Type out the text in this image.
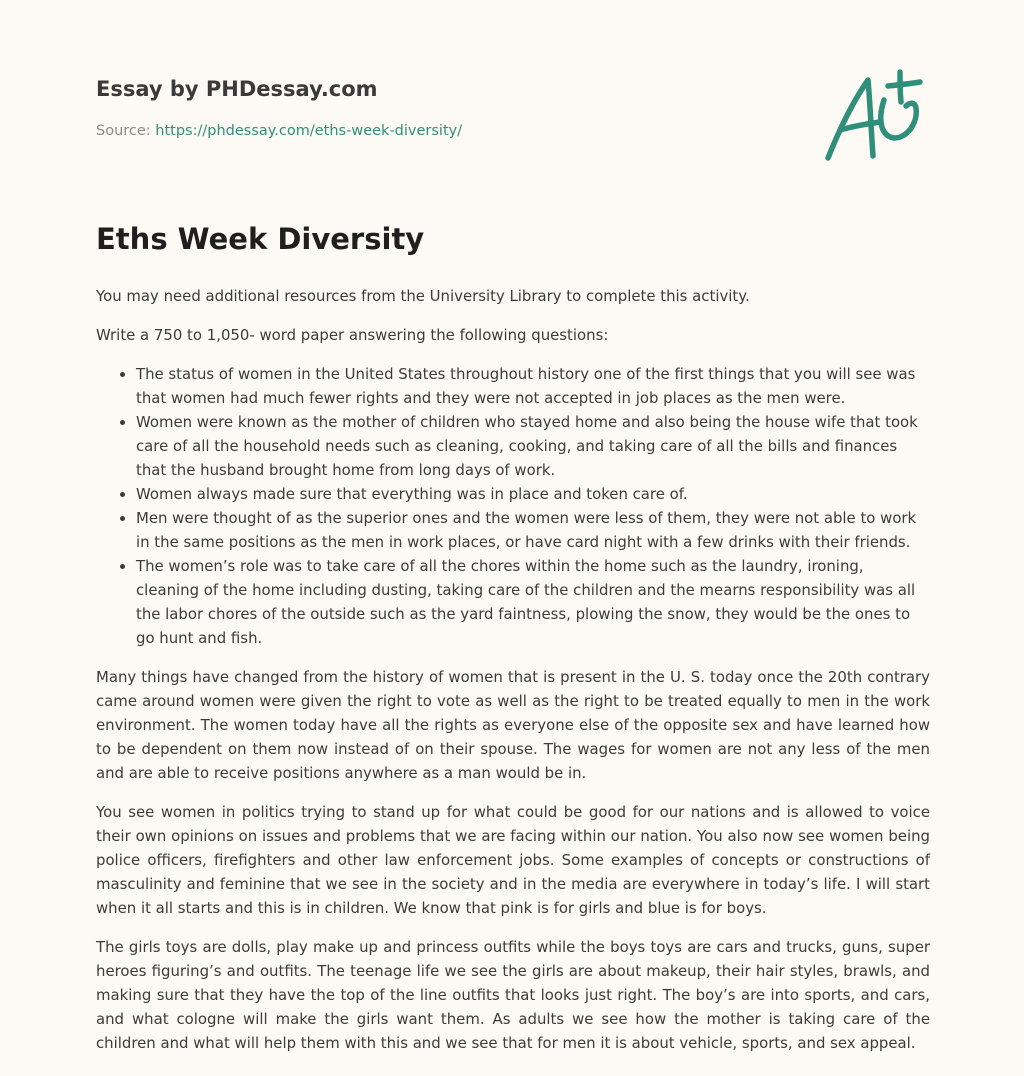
Essay by PHDessay.com
Source: https://phdessay.com/eths-week-diversity/
Eths Week Diversity

You may need additional resources from the University Library to complete this activity.

Write a 750 to 1,050- word paper answering the following questions:

• The status of women in the United States throughout history one of the first things that you will see was that women had much fewer rights and they were not accepted in job places as the men were.
• Women were known as the mother of children who stayed home and also being the house wife that took care of all the household needs such as cleaning, cooking, and taking care of all the bills and finances that the husband brought home from long days of work.
• Women always made sure that everything was in place and token care of.
• Men were thought of as the superior ones and the women were less of them, they were not able to work in the same positions as the men in work places, or have card night with a few drinks with their friends.
• The women’s role was to take care of all the chores within the home such as the laundry, ironing, cleaning of the home including dusting, taking care of the children and the mearns responsibility was all the labor chores of the outside such as the yard faintness, plowing the snow, they would be the ones to go hunt and fish.

Many things have changed from the history of women that is present in the U. S. today once the 20th contrary came around women were given the right to vote as well as the right to be treated equally to men in the work environment. The women today have all the rights as everyone else of the opposite sex and have learned how to be dependent on them now instead of on their spouse. The wages for women are not any less of the men and are able to receive positions anywhere as a man would be in.

You see women in politics trying to stand up for what could be good for our nations and is allowed to voice their own opinions on issues and problems that we are facing within our nation. You also now see women being police officers, firefighters and other law enforcement jobs. Some examples of concepts or constructions of masculinity and feminine that we see in the society and in the media are everywhere in today’s life. I will start when it all starts and this is in children. We know that pink is for girls and blue is for boys.

The girls toys are dolls, play make up and princess outfits while the boys toys are cars and trucks, guns, super heroes figuring’s and outfits. The teenage life we see the girls are about makeup, their hair styles, brawls, and making sure that they have the top of the line outfits that looks just right. The boy’s are into sports, and cars, and what cologne will make the girls want them. As adults we see how the mother is taking care of the children and what will help them with this and we see that for men it is about vehicle, sports, and sex appeal.
